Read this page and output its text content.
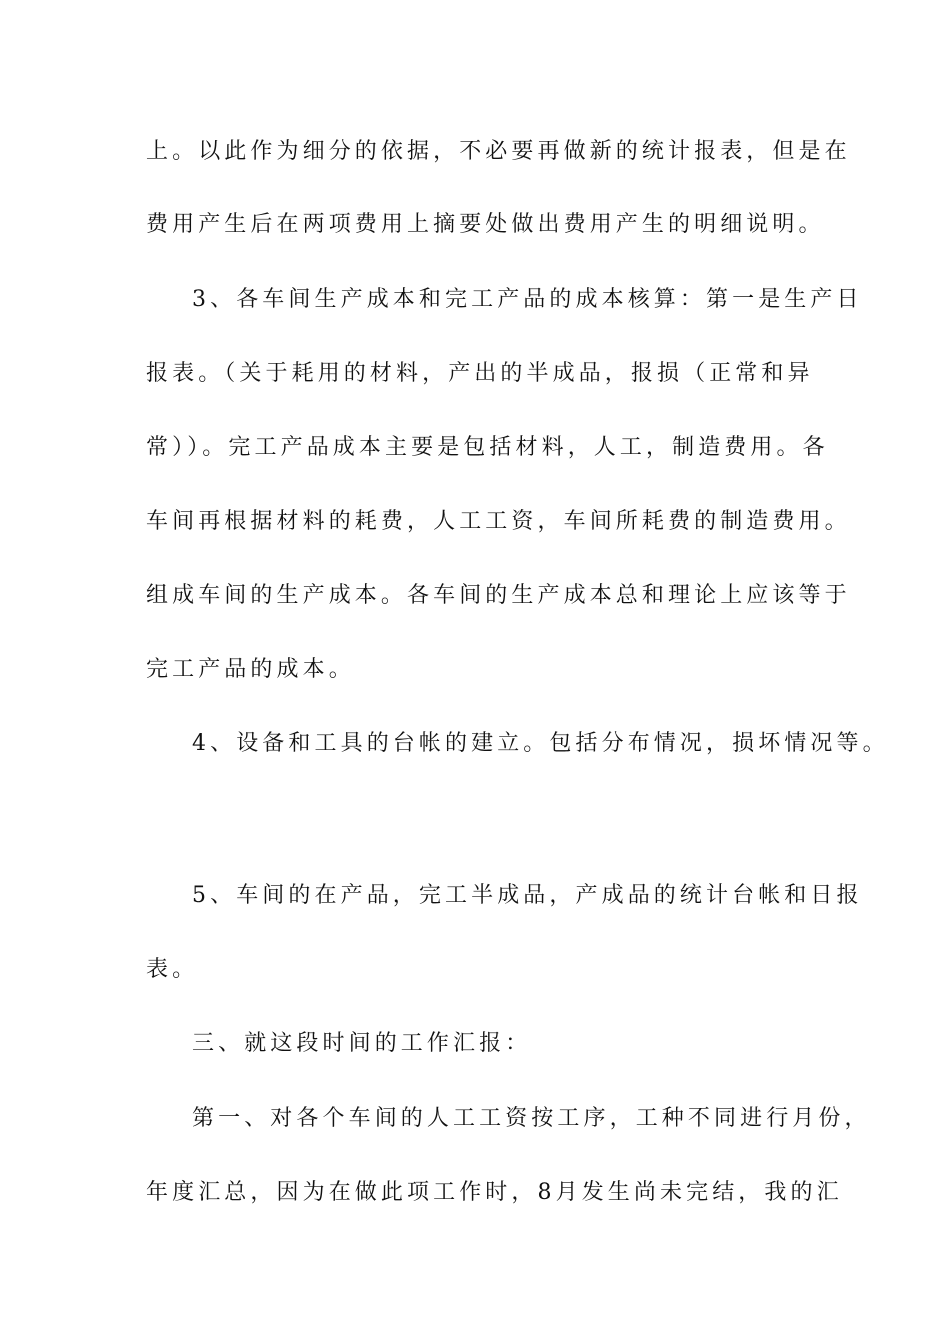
上。以此作为细分的依据，不必要再做新的统计报表，但是在
费用产生后在两项费用上摘要处做出费用产生的明细说明。
3、各车间生产成本和完工产品的成本核算：第一是生产日
报表。（关于耗用的材料，产出的半成品，报损（正常和异
常））。完工产品成本主要是包括材料，人工，制造费用。各
车间再根据材料的耗费，人工工资，车间所耗费的制造费用。
组成车间的生产成本。各车间的生产成本总和理论上应该等于
完工产品的成本。
4、设备和工具的台帐的建立。包括分布情况，损坏情况等。
5、车间的在产品，完工半成品，产成品的统计台帐和日报
表。
三、就这段时间的工作汇报：
第一、对各个车间的人工工资按工序，工种不同进行月份，
年度汇总，因为在做此项工作时，8月发生尚未完结，我的汇
